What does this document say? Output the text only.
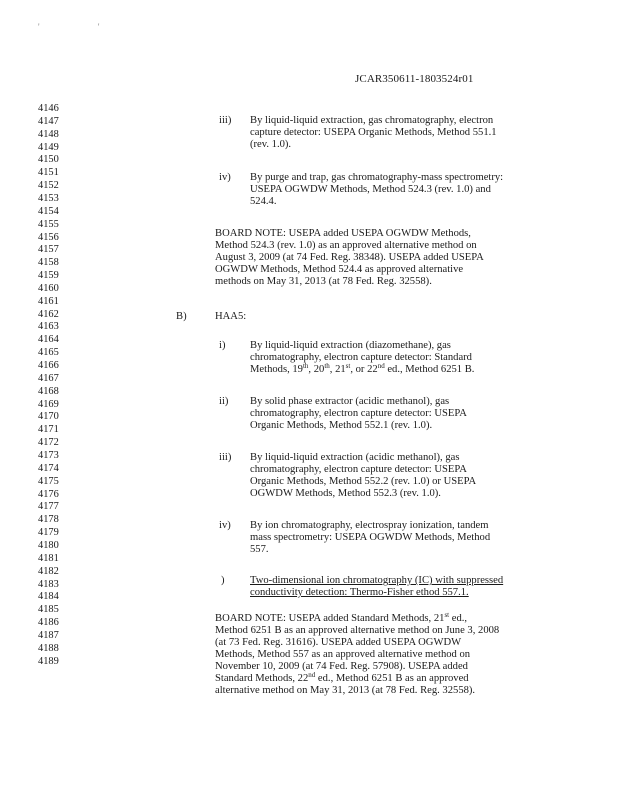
' '
JCAR350611-1803524r01
4146
4147
4148
4149
4150
4151
4152
4153
4154
4155
4156
4157
4158
4159
4160
4161
4162
4163
4164
4165
4166
4167
4168
4169
4170
4171
4172
4173
4174
4175
4176
4177
4178
4179
4180
4181
4182
4183
4184
4185
4186
4187
4188
4189
iii) By liquid-liquid extraction, gas chromatography, electron
capture detector: USEPA Organic Methods, Method 551.1
(rev. 1.0).
iv) By purge and trap, gas chromatography-mass spectrometry:
USEPA OGWDW Methods, Method 524.3 (rev. 1.0) and
524.4.
BOARD NOTE: USEPA added USEPA OGWDW Methods,
Method 524.3 (rev. 1.0) as an approved alternative method on
August 3, 2009 (at 74 Fed. Reg. 38348). USEPA added USEPA
OGWDW Methods, Method 524.4 as approved alternative
methods on May 31, 2013 (at 78 Fed. Reg. 32558).
B)	HAA5:
i) By liquid-liquid extraction (diazomethane), gas
chromatography, electron capture detector: Standard
Methods, 19th, 20th, 21st, or 22nd ed., Method 6251 B.
ii) By solid phase extractor (acidic methanol), gas
chromatography, electron capture detector: USEPA
Organic Methods, Method 552.1 (rev. 1.0).
iii) By liquid-liquid extraction (acidic methanol), gas
chromatography, electron capture detector: USEPA
Organic Methods, Method 552.2 (rev. 1.0) or USEPA
OGWDW Methods, Method 552.3 (rev. 1.0).
iv) By ion chromatography, electrospray ionization, tandem
mass spectrometry: USEPA OGWDW Methods, Method
557.
) Two-dimensional ion chromatography (IC) with suppressed
conductivity detection: Thermo-Fisher ethod 557.1.
BOARD NOTE: USEPA added Standard Methods, 21st ed.,
Method 6251 B as an approved alternative method on June 3, 2008
(at 73 Fed. Reg. 31616). USEPA added USEPA OGWDW
Methods, Method 557 as an approved alternative method on
November 10, 2009 (at 74 Fed. Reg. 57908). USEPA added
Standard Methods, 22nd ed., Method 6251 B as an approved
alternative method on May 31, 2013 (at 78 Fed. Reg. 32558).
